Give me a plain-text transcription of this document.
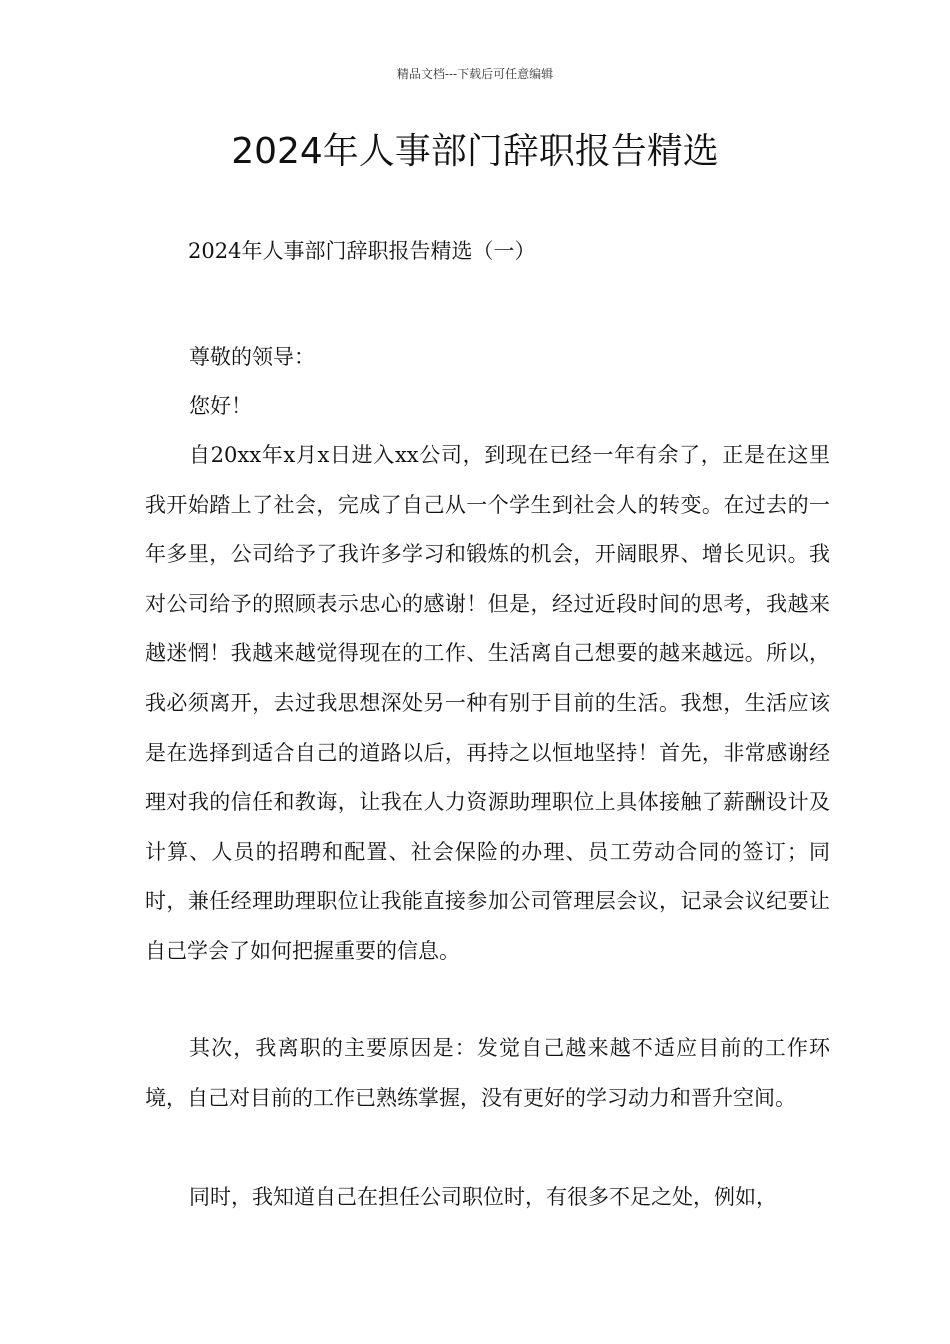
精品文档---下载后可任意编辑
2024年人事部门辞职报告精选
2024年人事部门辞职报告精选（一）

尊敬的领导：

您好！

自20xx年x月x日进入xx公司，到现在已经一年有余了，正是在这里我开始踏上了社会，完成了自己从一个学生到社会人的转变。在过去的一年多里，公司给予了我许多学习和锻炼的机会，开阔眼界、增长见识。我对公司给予的照顾表示忠心的感谢！但是，经过近段时间的思考，我越来越迷惘！我越来越觉得现在的工作、生活离自己想要的越来越远。所以，我必须离开，去过我思想深处另一种有别于目前的生活。我想，生活应该是在选择到适合自己的道路以后，再持之以恒地坚持！首先，非常感谢经理对我的信任和教诲，让我在人力资源助理职位上具体接触了薪酬设计及计算、人员的招聘和配置、社会保险的办理、员工劳动合同的签订；同时，兼任经理助理职位让我能直接参加公司管理层会议，记录会议纪要让自己学会了如何把握重要的信息。

其次，我离职的主要原因是：发觉自己越来越不适应目前的工作环境，自己对目前的工作已熟练掌握，没有更好的学习动力和晋升空间。

同时，我知道自己在担任公司职位时，有很多不足之处，例如，
